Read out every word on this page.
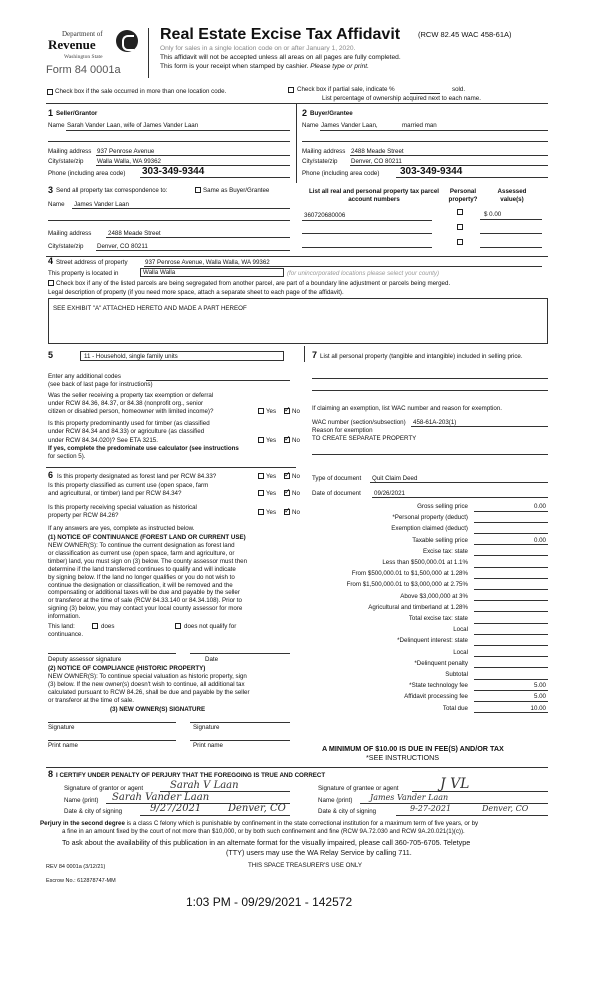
Department of
Revenue
Washington State
Form 84 0001a
Real Estate Excise Tax Affidavit (RCW 82.45 WAC 458-61A)
Only for sales in a single location code on or after January 1, 2020.
This affidavit will not be accepted unless all areas on all pages are fully completed.
This form is your receipt when stamped by cashier. Please type or print.
Check box if the sale occurred in more than one location code.	Check box if partial sale, indicate %	sold.
List percentage of ownership acquired next to each name.
1 Seller/Grantor
Name Sarah Vander Laan, wife of James Vander Laan
Mailing address 937 Penrose Avenue
City/state/zip Walla Walla, WA 99362
Phone (including area code) 303-349-9344
2 Buyer/Grantee
Name James Vander Laan,	married man
Mailing address 2488 Meade Street
City/state/zip Denver, CO 80211
Phone (including area code) 303-349-9344
3 Send all property tax correspondence to:	Same as Buyer/Grantee
Name James Vander Laan
Mailing address	2488 Meade Street
City/state/zip Denver, CO 80211
List all real and personal property tax parcel account numbers
Personal property?
Assessed value(s)
360720680006	$ 0.00
4 Street address of property	937 Penrose Avenue, Walla Walla, WA 99362
This property is located in	Walla Walla	(for unincorporated locations please select your county)
Check box if any of the listed parcels are being segregated from another parcel, are part of a boundary line adjustment or parcels being merged.
Legal description of property (if you need more space, attach a separate sheet to each page of the affidavit).
SEE EXHIBIT "A" ATTACHED HERETO AND MADE A PART HEREOF
5	11 - Household, single family units
Enter any additional codes
(see back of last page for instructions)
Was the seller receiving a property tax exemption or deferral
under RCW 84.36, 84.37, or 84.38 (nonprofit org., senior
citizen or disabled person, homeowner with limited income)?	Yes ✓ No
Is this property predominantly used for timber (as classified
under RCW 84.34 and 84.33) or agriculture (as classified
under RCW 84.34.020)? See ETA 3215.	Yes ✓ No
If yes, complete the predominate use calculator (see instructions
for section 5).
7 List all personal property (tangible and intangible) included in selling price.
If claiming an exemption, list WAC number and reason for exemption.
WAC number (section/subsection) 458-61A-203(1)
Reason for exemption
TO CREATE SEPARATE PROPERTY
6 Is this property designated as forest land per RCW 84.33?	Yes ✓ No
Is this property classified as current use (open space, farm
and agricultural, or timber) land per RCW 84.34?	Yes ✓ No
Is this property receiving special valuation as historical
property per RCW 84.26?	Yes ✓ No
If any answers are yes, complete as instructed below.
(1) NOTICE OF CONTINUANCE (FOREST LAND OR CURRENT USE)
NEW OWNER(S): To continue the current designation as forest land
or classification as current use (open space, farm and agriculture, or
timber) land, you must sign on (3) below. The county assessor must then
determine if the land transferred continues to qualify and will indicate
by signing below. If the land no longer qualifies or you do not wish to
continue the designation or classification, it will be removed and the
compensating or additional taxes will be due and payable by the seller
or transferor at the time of sale (RCW 84.33.140 or 84.34.108). Prior to
signing (3) below, you may contact your local county assessor for more
information.
This land:	does	does not qualify for
continuance.
Deputy assessor signature	Date
(2) NOTICE OF COMPLIANCE (HISTORIC PROPERTY)
NEW OWNER(S): To continue special valuation as historic property, sign
(3) below. If the new owner(s) doesn't wish to continue, all additional tax
calculated pursuant to RCW 84.26, shall be due and payable by the seller
or transferor at the time of sale.
(3) NEW OWNER(S) SIGNATURE
Signature	Signature
Print name	Print name
Type of document Quit Claim Deed
Date of document 09/26/2021
Gross selling price	0.00
*Personal property (deduct)
Exemption claimed (deduct)
Taxable selling price	0.00
Excise tax: state
Less than $500,000.01 at 1.1%
From $500,000.01 to $1,500,000 at 1.28%
From $1,500,000.01 to $3,000,000 at 2.75%
Above $3,000,000 at 3%
Agricultural and timberland at 1.28%
Total excise tax: state
Local
*Delinquent interest: state
Local
*Delinquent penalty
Subtotal
*State technology fee	5.00
Affidavit processing fee	5.00
Total due	10.00
A MINIMUM OF $10.00 IS DUE IN FEE(S) AND/OR TAX
*SEE INSTRUCTIONS
8 I CERTIFY UNDER PENALTY OF PERJURY THAT THE FOREGOING IS TRUE AND CORRECT
Signature of grantor or agent	Sarah V Laan
Name (print) Sarah Vander Laan
Date & city of signing	9/27/2021	Denver, CO
Signature of grantee or agent	J VL
Name (print) James Vander Laan
Date & city of signing	9-27-2021	Denver, CO
Perjury in the second degree is a class C felony which is punishable by confinement in the state correctional institution for a maximum term of five years, or by
a fine in an amount fixed by the court of not more than $10,000, or by both such confinement and fine (RCW 9A.72.030 and RCW 9A.20.021(1)(c)).
To ask about the availability of this publication in an alternate format for the visually impaired, please call 360-705-6705. Teletype
(TTY) users may use the WA Relay Service by calling 711.
REV 84 0001a (3/12/21)	THIS SPACE TREASURER'S USE ONLY
Escrow No.: 612878747-MM
1:03 PM - 09/29/2021 - 142572
